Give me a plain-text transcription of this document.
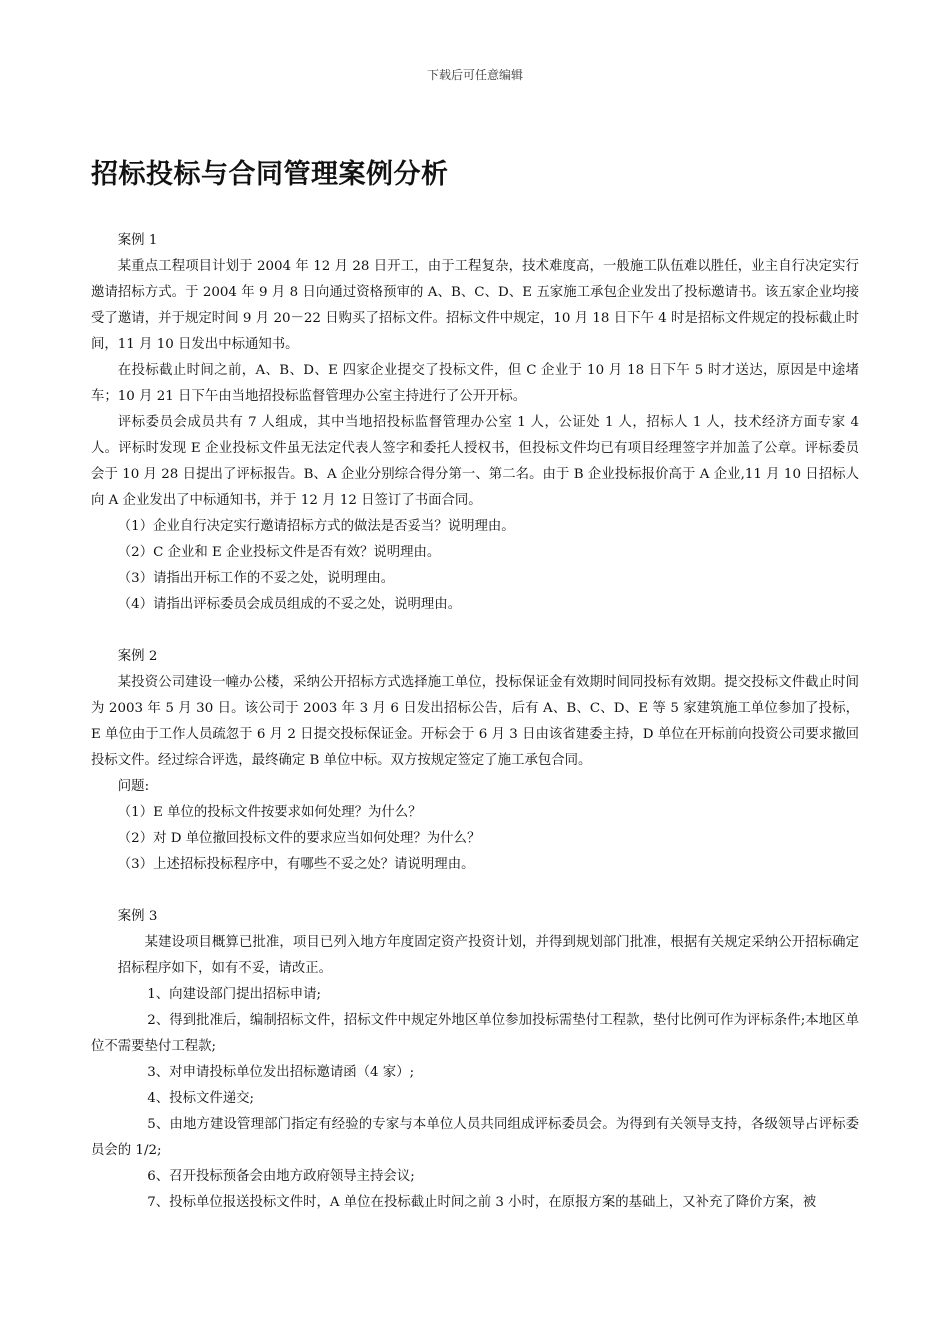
下载后可任意编辑
招标投标与合同管理案例分析

案例 1

某重点工程项目计划于 2004 年 12 月 28 日开工，由于工程复杂，技术难度高，一般施工队伍难以胜任，业主自行决定实行邀请招标方式。于 2004 年 9 月 8 日向通过资格预审的 A、B、C、D、E 五家施工承包企业发出了投标邀请书。该五家企业均接受了邀请，并于规定时间 9 月 20－22 日购买了招标文件。招标文件中规定，10 月 18 日下午 4 时是招标文件规定的投标截止时间，11 月 10 日发出中标通知书。

在投标截止时间之前，A、B、D、E 四家企业提交了投标文件，但 C 企业于 10 月 18 日下午 5 时才送达，原因是中途堵车；10 月 21 日下午由当地招投标监督管理办公室主持进行了公开开标。

评标委员会成员共有 7 人组成，其中当地招投标监督管理办公室 1 人，公证处 1 人，招标人 1 人，技术经济方面专家 4 人。评标时发现 E 企业投标文件虽无法定代表人签字和委托人授权书，但投标文件均已有项目经理签字并加盖了公章。评标委员会于 10 月 28 日提出了评标报告。B、A 企业分别综合得分第一、第二名。由于 B 企业投标报价高于 A 企业,11 月 10 日招标人向 A 企业发出了中标通知书，并于 12 月 12 日签订了书面合同。

（1）企业自行决定实行邀请招标方式的做法是否妥当？说明理由。

（2）C 企业和 E 企业投标文件是否有效？说明理由。

（3）请指出开标工作的不妥之处，说明理由。

（4）请指出评标委员会成员组成的不妥之处，说明理由。

案例 2

某投资公司建设一幢办公楼，采纳公开招标方式选择施工单位，投标保证金有效期时间同投标有效期。提交投标文件截止时间为 2003 年 5 月 30 日。该公司于 2003 年 3 月 6 日发出招标公告，后有 A、B、C、D、E 等 5 家建筑施工单位参加了投标，E 单位由于工作人员疏忽于 6 月 2 日提交投标保证金。开标会于 6 月 3 日由该省建委主持，D 单位在开标前向投资公司要求撤回投标文件。经过综合评选，最终确定 B 单位中标。双方按规定签定了施工承包合同。

问题:

（1）E 单位的投标文件按要求如何处理？为什么？

（2）对 D 单位撤回投标文件的要求应当如何处理？为什么？

（3）上述招标投标程序中，有哪些不妥之处？请说明理由。

案例 3

某建设项目概算已批准，项目已列入地方年度固定资产投资计划，并得到规划部门批准，根据有关规定采纳公开招标确定招标程序如下，如有不妥，请改正。

1、向建设部门提出招标申请;

2、得到批准后，编制招标文件，招标文件中规定外地区单位参加投标需垫付工程款，垫付比例可作为评标条件;本地区单位不需要垫付工程款;

3、对申请投标单位发出招标邀请函（4 家）;

4、投标文件递交;

5、由地方建设管理部门指定有经验的专家与本单位人员共同组成评标委员会。为得到有关领导支持，各级领导占评标委员会的 1/2;

6、召开投标预备会由地方政府领导主持会议;

7、投标单位报送投标文件时，A 单位在投标截止时间之前 3 小时，在原报方案的基础上，又补充了降价方案，被
